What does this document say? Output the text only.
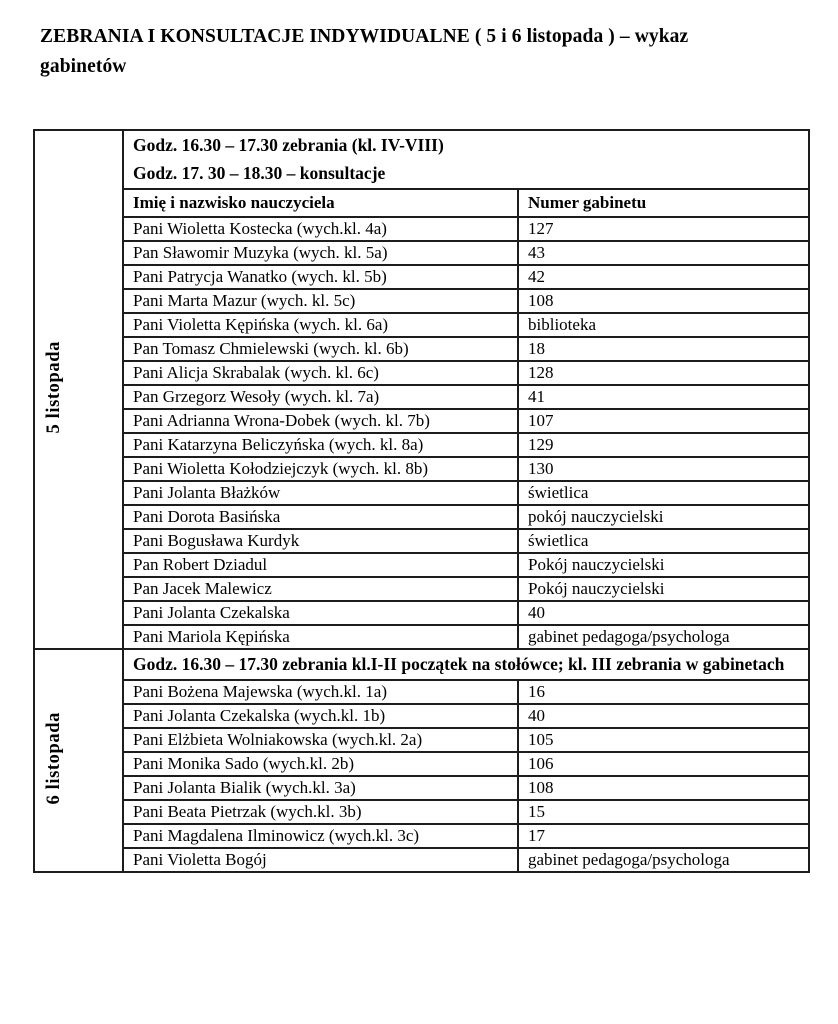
ZEBRANIA I KONSULTACJE INDYWIDUALNE ( 5 i 6 listopada ) – wykaz gabinetów
5 listopada	Godz. 16.30 – 17.30 zebrania (kl. IV-VIII)
Godz. 17. 30 – 18.30 – konsultacje	

	Imię i nazwisko nauczyciela	Numer gabinetu
	Pani Wioletta Kostecka (wych.kl. 4a)	127
	Pan Sławomir Muzyka (wych. kl. 5a)	43
	Pani Patrycja Wanatko (wych. kl. 5b)	42
	Pani Marta Mazur (wych. kl. 5c)	108
	Pani Violetta Kępińska (wych. kl. 6a)	biblioteka
	Pan Tomasz Chmielewski (wych. kl. 6b)	18
	Pani Alicja Skrabalak (wych. kl. 6c)	128
	Pan Grzegorz Wesoły (wych. kl. 7a)	41
	Pani Adrianna Wrona-Dobek (wych. kl. 7b)	107
	Pani Katarzyna Beliczyńska (wych. kl. 8a)	129
	Pani Wioletta Kołodziejczyk (wych. kl. 8b)	130
	Pani Jolanta Błażków	świetlica
	Pani Dorota Basińska	pokój nauczycielski
	Pani Bogusława Kurdyk	świetlica
	Pan Robert Dziadul	Pokój nauczycielski
	Pan Jacek Malewicz	Pokój nauczycielski
	Pani Jolanta Czekalska	40
	Pani Mariola Kępińska	gabinet pedagoga/psychologa
6 listopada	Godz. 16.30 – 17.30 zebrania kl.I-II początek na stołówce; kl. III zebrania w gabinetach	

	Pani Bożena Majewska (wych.kl. 1a)	16
	Pani Jolanta Czekalska (wych.kl. 1b)	40
	Pani Elżbieta Wolniakowska (wych.kl. 2a)	105
	Pani Monika Sado (wych.kl. 2b)	106
	Pani Jolanta Bialik (wych.kl. 3a)	108
	Pani Beata Pietrzak (wych.kl. 3b)	15
	Pani Magdalena Ilminowicz (wych.kl. 3c)	17
	Pani Violetta Bogój	gabinet pedagoga/psychologa
